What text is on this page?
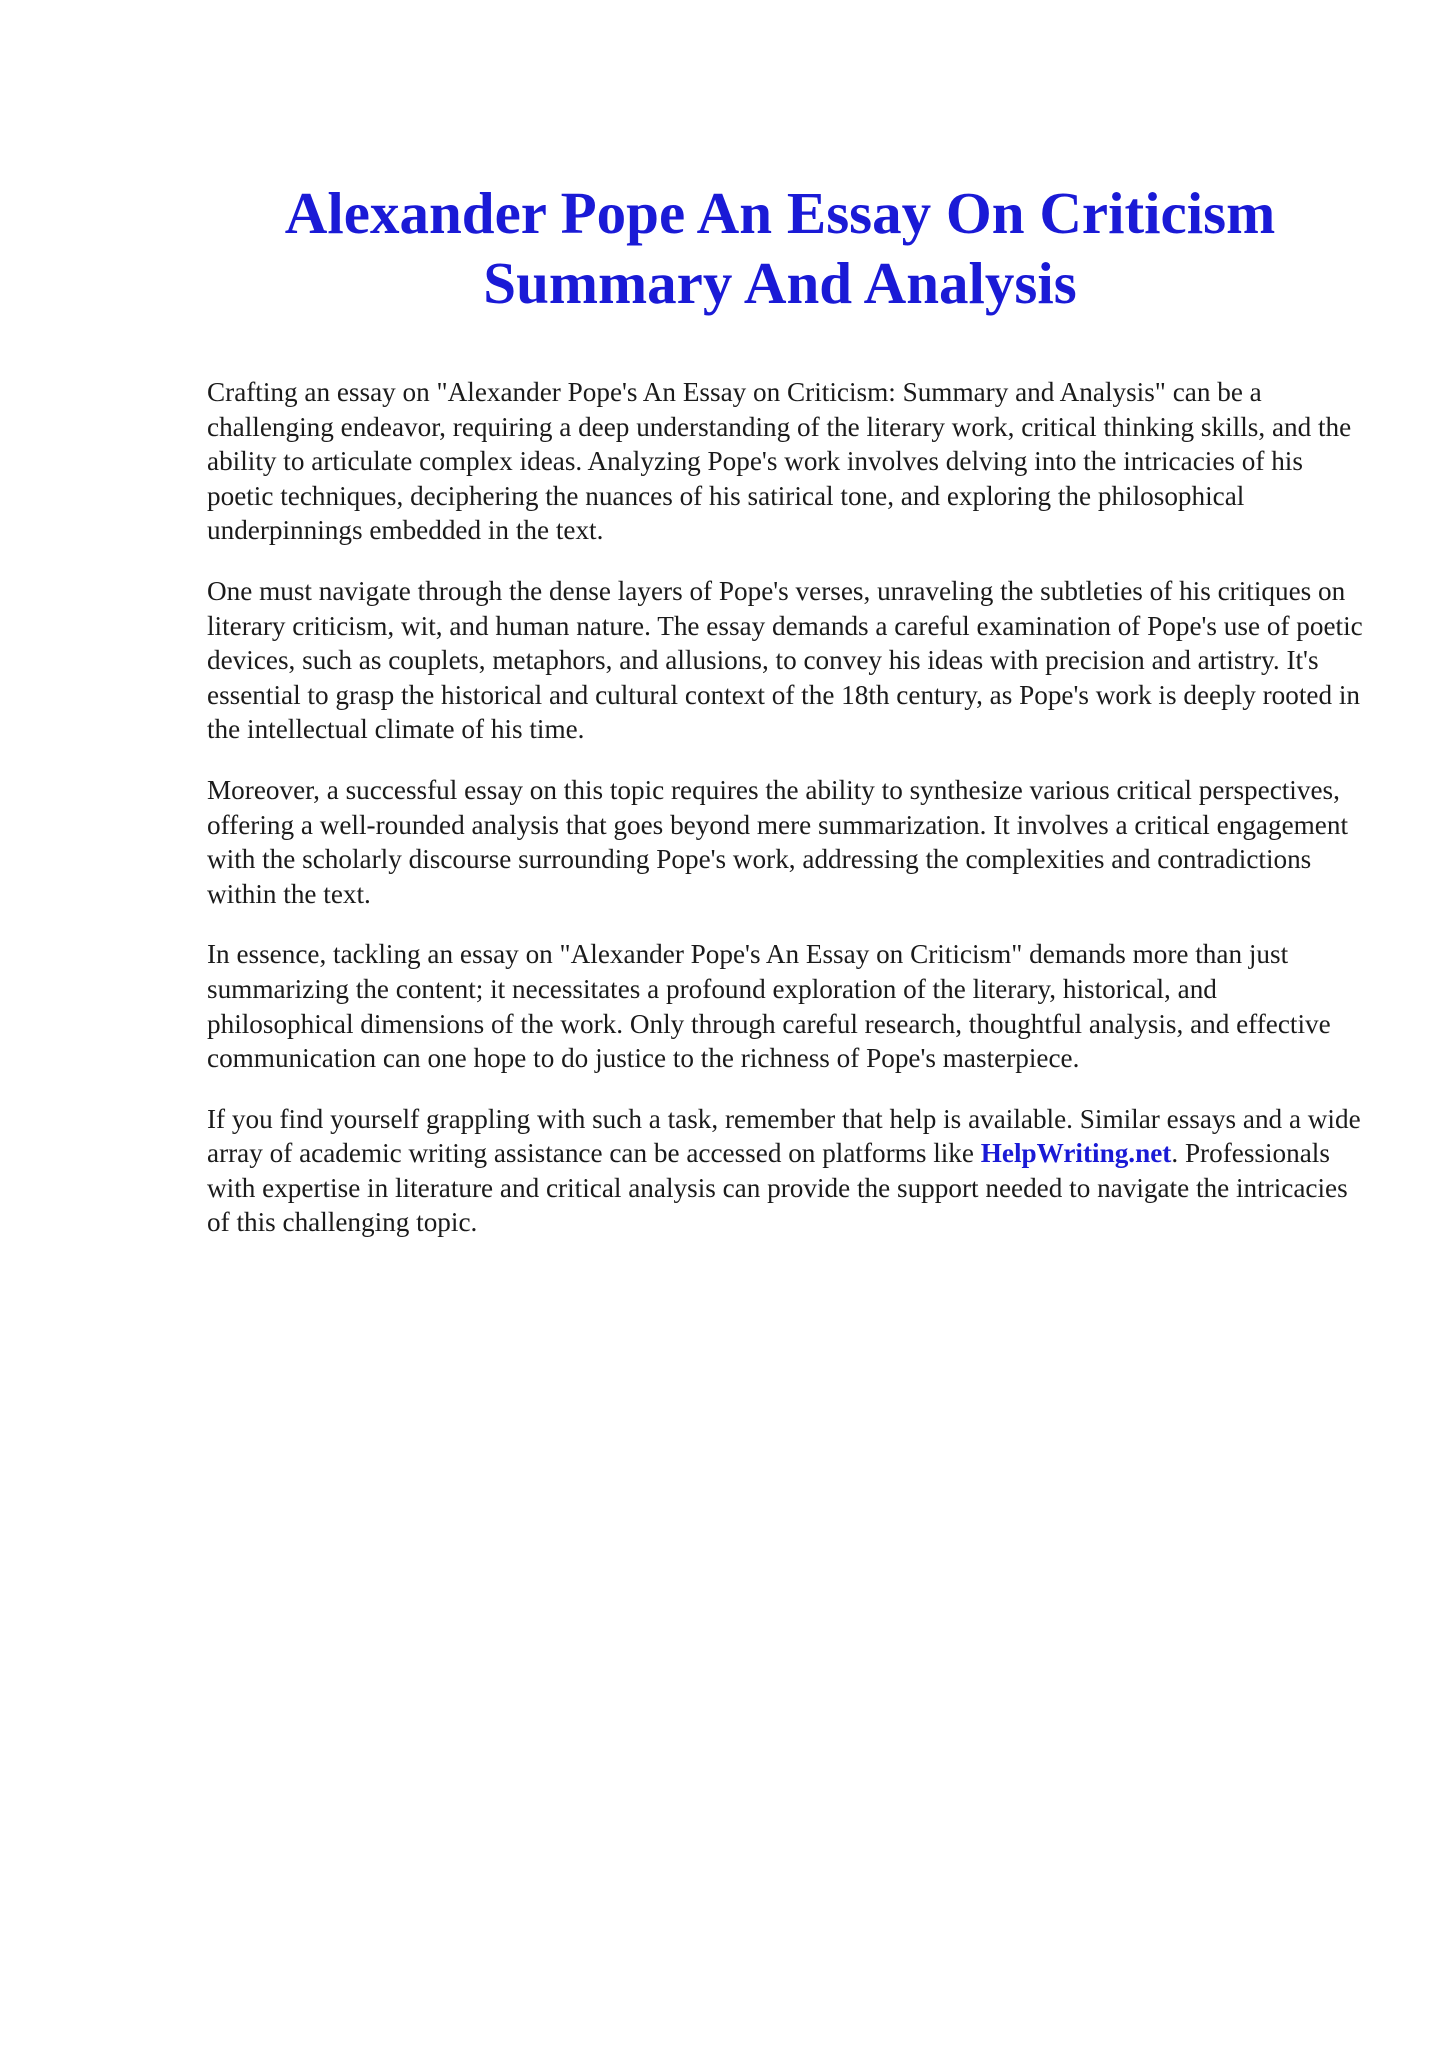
Alexander Pope An Essay On Criticism
Summary And Analysis

Crafting an essay on "Alexander Pope's An Essay on Criticism: Summary and Analysis" can be a challenging endeavor, requiring a deep understanding of the literary work, critical thinking skills, and the ability to articulate complex ideas. Analyzing Pope's work involves delving into the intricacies of his poetic techniques, deciphering the nuances of his satirical tone, and exploring the philosophical underpinnings embedded in the text.

One must navigate through the dense layers of Pope's verses, unraveling the subtleties of his critiques on literary criticism, wit, and human nature. The essay demands a careful examination of Pope's use of poetic devices, such as couplets, metaphors, and allusions, to convey his ideas with precision and artistry. It's essential to grasp the historical and cultural context of the 18th century, as Pope's work is deeply rooted in the intellectual climate of his time.

Moreover, a successful essay on this topic requires the ability to synthesize various critical perspectives, offering a well-rounded analysis that goes beyond mere summarization. It involves a critical engagement with the scholarly discourse surrounding Pope's work, addressing the complexities and contradictions within the text.

In essence, tackling an essay on "Alexander Pope's An Essay on Criticism" demands more than just summarizing the content; it necessitates a profound exploration of the literary, historical, and philosophical dimensions of the work. Only through careful research, thoughtful analysis, and effective communication can one hope to do justice to the richness of Pope's masterpiece.

If you find yourself grappling with such a task, remember that help is available. Similar essays and a wide array of academic writing assistance can be accessed on platforms like HelpWriting.net. Professionals with expertise in literature and critical analysis can provide the support needed to navigate the intricacies of this challenging topic.
